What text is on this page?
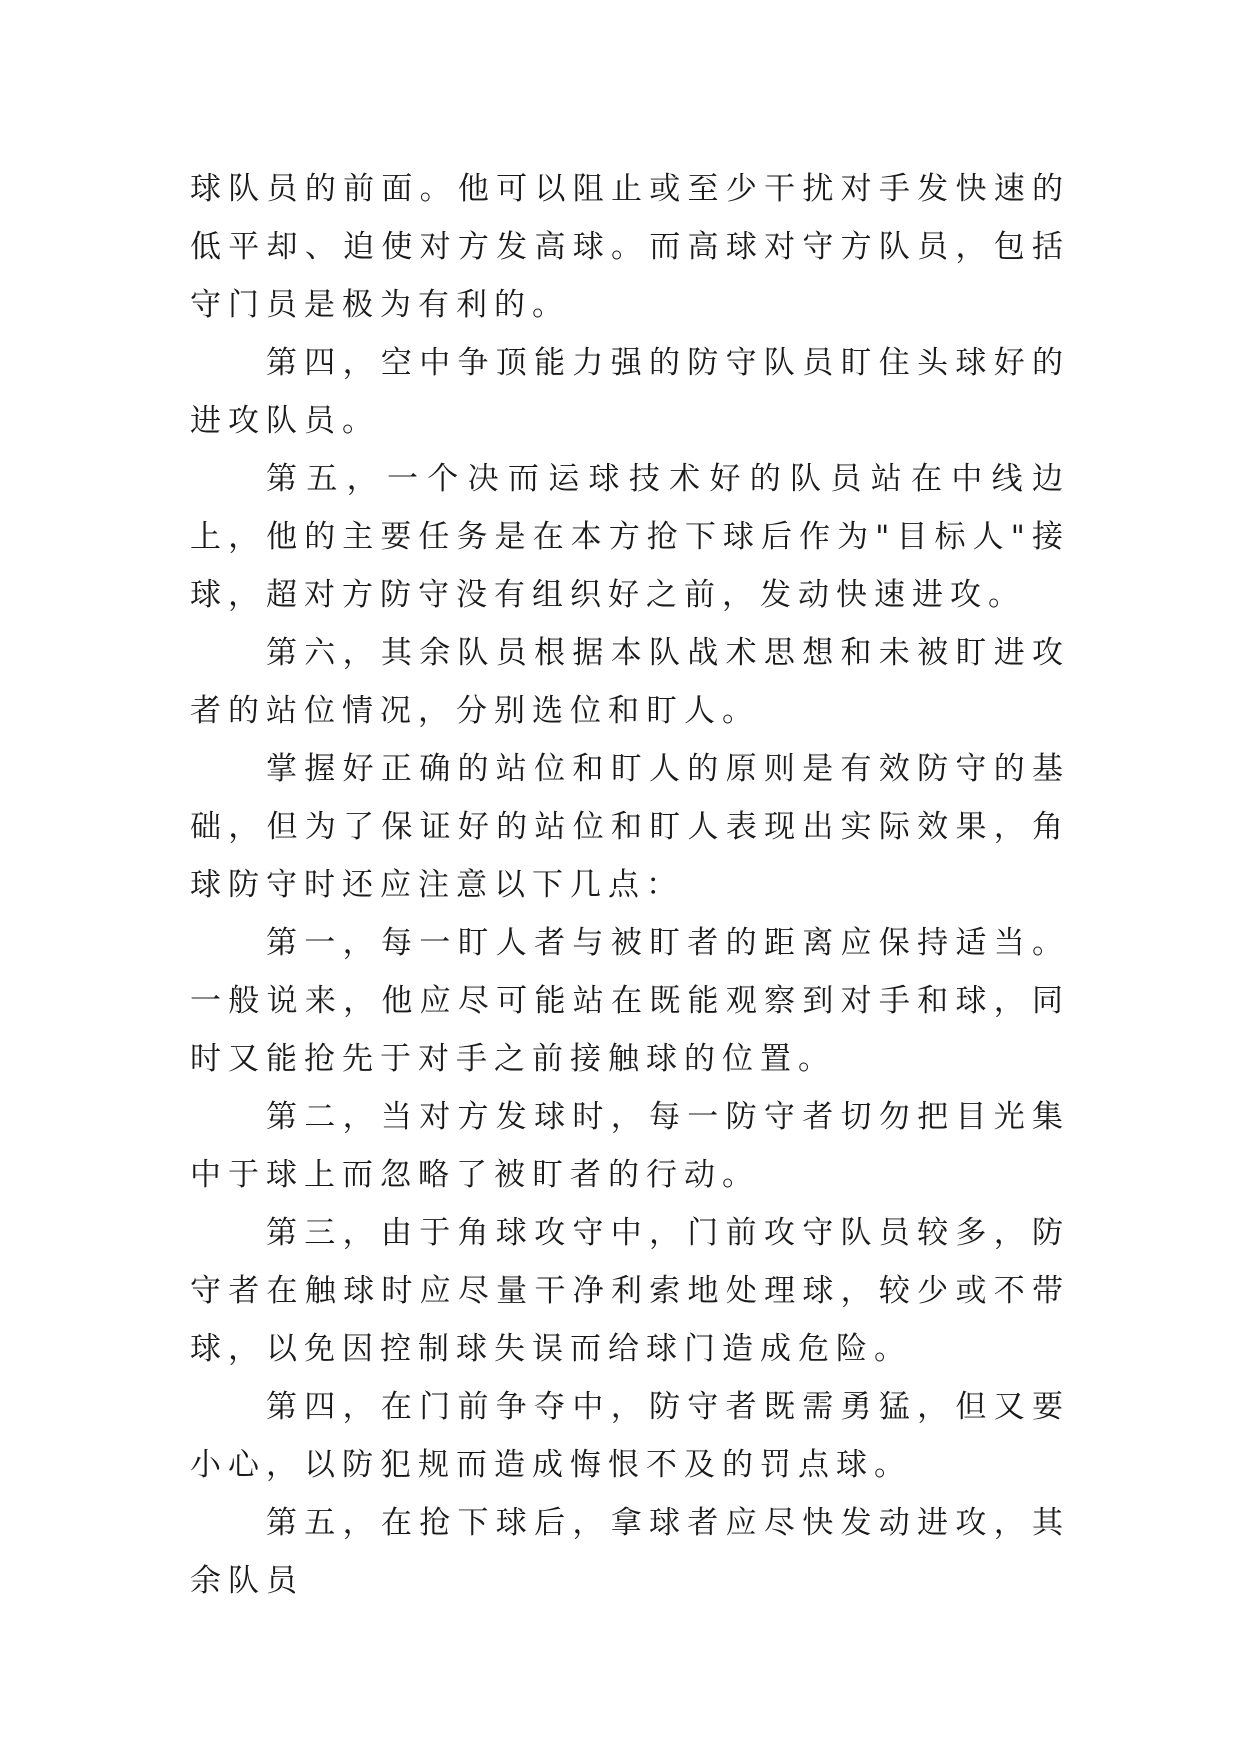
球队员的前面。他可以阻止或至少干扰对手发快速的低平却、迫使对方发高球。而高球对守方队员，包括守门员是极为有利的。

第四，空中争顶能力强的防守队员盯住头球好的进攻队员。

第五，一个决而运球技术好的队员站在中线边上，他的主要任务是在本方抢下球后作为"目标人"接球，超对方防守没有组织好之前，发动快速进攻。

第六，其余队员根据本队战术思想和未被盯进攻者的站位情况，分别选位和盯人。

掌握好正确的站位和盯人的原则是有效防守的基础，但为了保证好的站位和盯人表现出实际效果，角球防守时还应注意以下几点：

第一，每一盯人者与被盯者的距离应保持适当。一般说来，他应尽可能站在既能观察到对手和球，同时又能抢先于对手之前接触球的位置。

第二，当对方发球时，每一防守者切勿把目光集中于球上而忽略了被盯者的行动。

第三，由于角球攻守中，门前攻守队员较多，防守者在触球时应尽量干净利索地处理球，较少或不带球，以免因控制球失误而给球门造成危险。

第四，在门前争夺中，防守者既需勇猛，但又要小心，以防犯规而造成悔恨不及的罚点球。

第五，在抢下球后，拿球者应尽快发动进攻，其余队员
